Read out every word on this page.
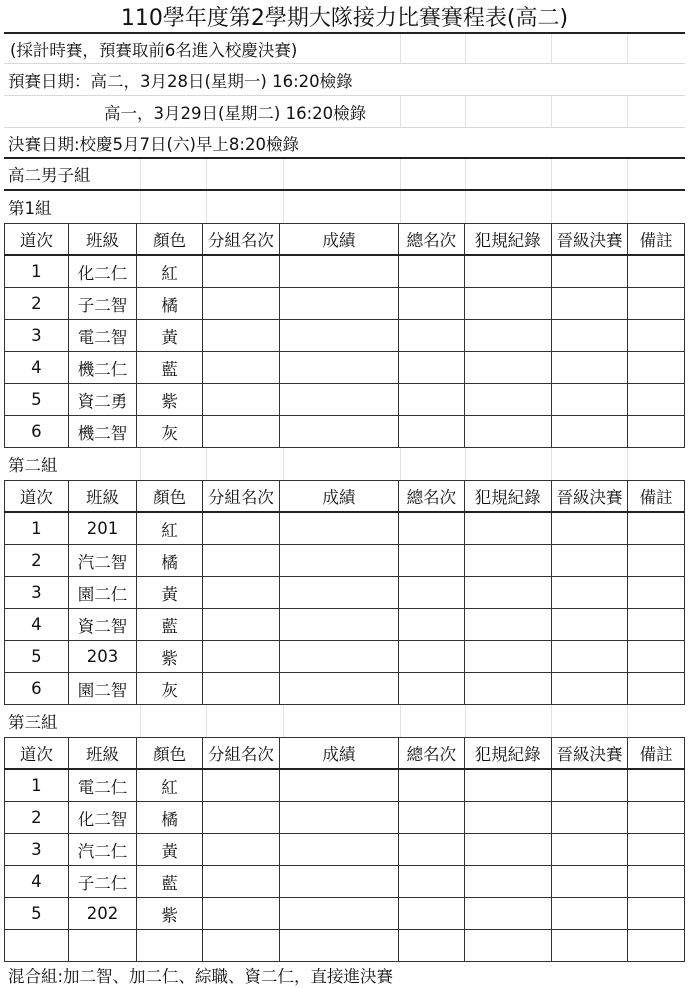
110學年度第2學期大隊接力比賽賽程表(高二)
(採計時賽，預賽取前6名進入校慶決賽)
預賽日期：高二，3月28日(星期一) 16:20檢錄
高一，3月29日(星期二) 16:20檢錄
決賽日期:校慶5月7日(六)早上8:20檢錄
高二男子組
第1組
道次	班級	顏色	分組名次	成績	總名次	犯規紀錄	晉級決賽	備註
1	化二仁	紅						
2	子二智	橘						
3	電二智	黃						
4	機二仁	藍						
5	資二勇	紫						
6	機二智	灰						
第二組
道次	班級	顏色	分組名次	成績	總名次	犯規紀錄	晉級決賽	備註
1	201	紅						
2	汽二智	橘						
3	園二仁	黃						
4	資二智	藍						
5	203	紫						
6	園二智	灰						
第三組
道次	班級	顏色	分組名次	成績	總名次	犯規紀錄	晉級決賽	備註
1	電二仁	紅						
2	化二智	橘						
3	汽二仁	黃						
4	子二仁	藍						
5	202	紫						

混合組:加二智、加二仁、綜職、資二仁，直接進決賽
